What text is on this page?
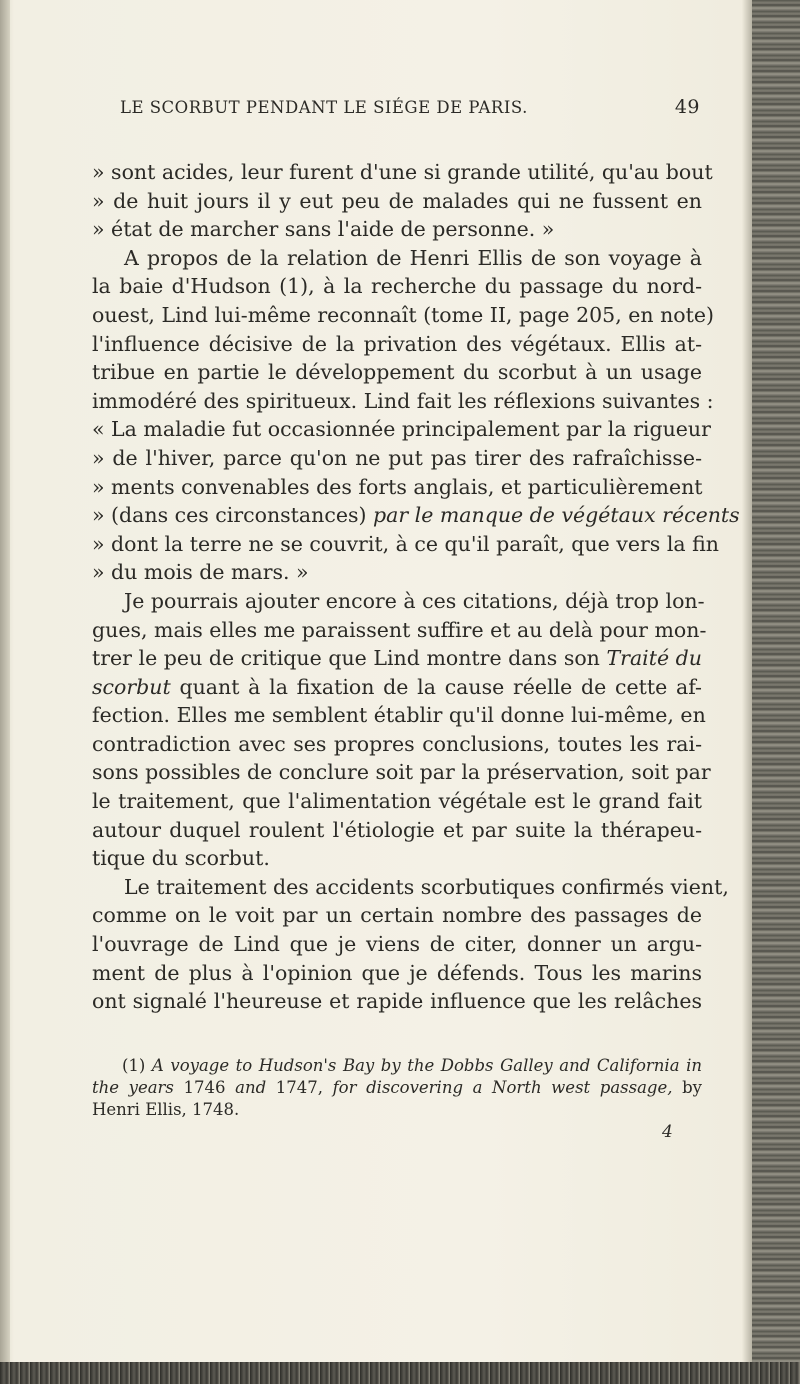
LE SCORBUT PENDANT LE SIÉGE DE PARIS.	49
» sont acides, leur furent d'une si grande utilité, qu'au bout
» de huit jours il y eut peu de malades qui ne fussent en
» état de marcher sans l'aide de personne. »
A propos de la relation de Henri Ellis de son voyage à
la baie d'Hudson (1), à la recherche du passage du nord-
ouest, Lind lui-même reconnaît (tome II, page 205, en note)
l'influence décisive de la privation des végétaux. Ellis at-
tribue en partie le développement du scorbut à un usage
immodéré des spiritueux. Lind fait les réflexions suivantes :
« La maladie fut occasionnée principalement par la rigueur
» de l'hiver, parce qu'on ne put pas tirer des rafraîchisse-
» ments convenables des forts anglais, et particulièrement
» (dans ces circonstances) par le manque de végétaux récents
» dont la terre ne se couvrit, à ce qu'il paraît, que vers la fin
» du mois de mars. »
Je pourrais ajouter encore à ces citations, déjà trop lon-
gues, mais elles me paraissent suffire et au delà pour mon-
trer le peu de critique que Lind montre dans son Traité du
scorbut quant à la fixation de la cause réelle de cette af-
fection. Elles me semblent établir qu'il donne lui-même, en
contradiction avec ses propres conclusions, toutes les rai-
sons possibles de conclure soit par la préservation, soit par
le traitement, que l'alimentation végétale est le grand fait
autour duquel roulent l'étiologie et par suite la thérapeu-
tique du scorbut.
Le traitement des accidents scorbutiques confirmés vient,
comme on le voit par un certain nombre des passages de
l'ouvrage de Lind que je viens de citer, donner un argu-
ment de plus à l'opinion que je défends. Tous les marins
ont signalé l'heureuse et rapide influence que les relâches
(1) A voyage to Hudson's Bay by the Dobbs Galley and California in
the years 1746 and 1747, for discovering a North west passage, by
Henri Ellis, 1748.
4
